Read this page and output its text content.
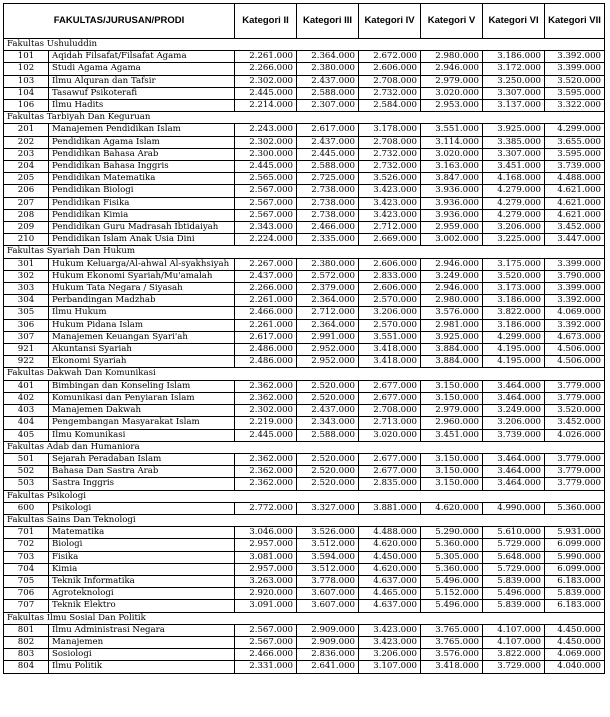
FAKULTAS/JURUSAN/PRODI		Kategori II	Kategori III	Kategori IV	Kategori V	Kategori VI	Kategori VII
Fakultas Ushuluddin							
101	Aqidah Filsafat/Filsafat Agama	2.261.000	2.364.000	2.672.000	2.980.000	3.186.000	3.392.000
102	Studi Agama Agama	2.266.000	2.380.000	2.606.000	2.946.000	3.172.000	3.399.000
103	Ilmu Alquran dan Tafsir	2.302.000	2.437.000	2.708.000	2.979.000	3.250.000	3.520.000
104	Tasawuf Psikoterafi	2.445.000	2.588.000	2.732.000	3.020.000	3.307.000	3.595.000
106	Ilmu Hadits	2.214.000	2.307.000	2.584.000	2.953.000	3.137.000	3.322.000
Fakultas Tarbiyah Dan Keguruan							
201	Manajemen Pendidikan Islam	2.243.000	2.617.000	3.178.000	3.551.000	3.925.000	4.299.000
202	Pendidikan Agama Islam	2.302.000	2.437.000	2.708.000	3.114.000	3.385.000	3.655.000
203	Pendidikan Bahasa Arab	2.300.000	2.445.000	2.732.000	3.020.000	3.307.000	3.595.000
204	Pendidikan Bahasa Inggris	2.445.000	2.588.000	2.732.000	3.163.000	3.451.000	3.739.000
205	Pendidikan Matematika	2.565.000	2.725.000	3.526.000	3.847.000	4.168.000	4.488.000
206	Pendidikan Biologi	2.567.000	2.738.000	3.423.000	3.936.000	4.279.000	4.621.000
207	Pendidikan Fisika	2.567.000	2.738.000	3.423.000	3.936.000	4.279.000	4.621.000
208	Pendidikan Kimia	2.567.000	2.738.000	3.423.000	3.936.000	4.279.000	4.621.000
209	Pendidikan Guru Madrasah Ibtidaiyah	2.343.000	2.466.000	2.712.000	2.959.000	3.206.000	3.452.000
210	Pendidikan Islam Anak Usia Dini	2.224.000	2.335.000	2.669.000	3.002.000	3.225.000	3.447.000
Fakultas Syariah Dan Hukum							
301	Hukum Keluarga/Al-ahwal Al-syakhsiyah	2.267.000	2.380.000	2.606.000	2.946.000	3.175.000	3.399.000
302	Hukum Ekonomi Syariah/Mu'amalah	2.437.000	2.572.000	2.833.000	3.249.000	3.520.000	3.790.000
303	Hukum Tata Negara / Siyasah	2.266.000	2.379.000	2.606.000	2.946.000	3.173.000	3.399.000
304	Perbandingan Madzhab	2.261.000	2.364.000	2.570.000	2.980.000	3.186.000	3.392.000
305	Ilmu Hukum	2.466.000	2.712.000	3.206.000	3.576.000	3.822.000	4.069.000
306	Hukum Pidana Islam	2.261.000	2.364.000	2.570.000	2.981.000	3.186.000	3.392.000
307	Manajemen Keuangan Syari'ah	2.617.000	2.991.000	3.551.000	3.925.000	4.299.000	4.673.000
921	Akuntansi Syariah	2.486.000	2.952.000	3.418.000	3.884.000	4.195.000	4.506.000
922	Ekonomi Syariah	2.486.000	2.952.000	3.418.000	3.884.000	4.195.000	4.506.000
Fakultas Dakwah Dan Komunikasi							
401	Bimbingan dan Konseling Islam	2.362.000	2.520.000	2.677.000	3.150.000	3.464.000	3.779.000
402	Komunikasi dan Penyiaran Islam	2.362.000	2.520.000	2.677.000	3.150.000	3.464.000	3.779.000
403	Manajemen Dakwah	2.302.000	2.437.000	2.708.000	2.979.000	3.249.000	3.520.000
404	Pengembangan Masyarakat Islam	2.219.000	2.343.000	2.713.000	2.960.000	3.206.000	3.452.000
405	Ilmu Komunikasi	2.445.000	2.588.000	3.020.000	3.451.000	3.739.000	4.026.000
Fakultas Adab dan Humaniora							
501	Sejarah Peradaban Islam	2.362.000	2.520.000	2.677.000	3.150.000	3.464.000	3.779.000
502	Bahasa Dan Sastra Arab	2.362.000	2.520.000	2.677.000	3.150.000	3.464.000	3.779.000
503	Sastra Inggris	2.362.000	2.520.000	2.835.000	3.150.000	3.464.000	3.779.000
Fakultas Psikologi							
600	Psikologi	2.772.000	3.327.000	3.881.000	4.620.000	4.990.000	5.360.000
Fakultas Sains Dan Teknologi							
701	Matematika	3.046.000	3.526.000	4.488.000	5.290.000	5.610.000	5.931.000
702	Biologi	2.957.000	3.512.000	4.620.000	5.360.000	5.729.000	6.099.000
703	Fisika	3.081.000	3.594.000	4.450.000	5.305.000	5.648.000	5.990.000
704	Kimia	2.957.000	3.512.000	4.620.000	5.360.000	5.729.000	6.099.000
705	Teknik Informatika	3.263.000	3.778.000	4.637.000	5.496.000	5.839.000	6.183.000
706	Agroteknologi	2.920.000	3.607.000	4.465.000	5.152.000	5.496.000	5.839.000
707	Teknik Elektro	3.091.000	3.607.000	4.637.000	5.496.000	5.839.000	6.183.000
Fakultas Ilmu Sosial Dan Politik							
801	Ilmu Administrasi Negara	2.567.000	2.909.000	3.423.000	3.765.000	4.107.000	4.450.000
802	Manajemen	2.567.000	2.909.000	3.423.000	3.765.000	4.107.000	4.450.000
803	Sosiologi	2.466.000	2.836.000	3.206.000	3.576.000	3.822.000	4.069.000
804	Ilmu Politik	2.331.000	2.641.000	3.107.000	3.418.000	3.729.000	4.040.000
